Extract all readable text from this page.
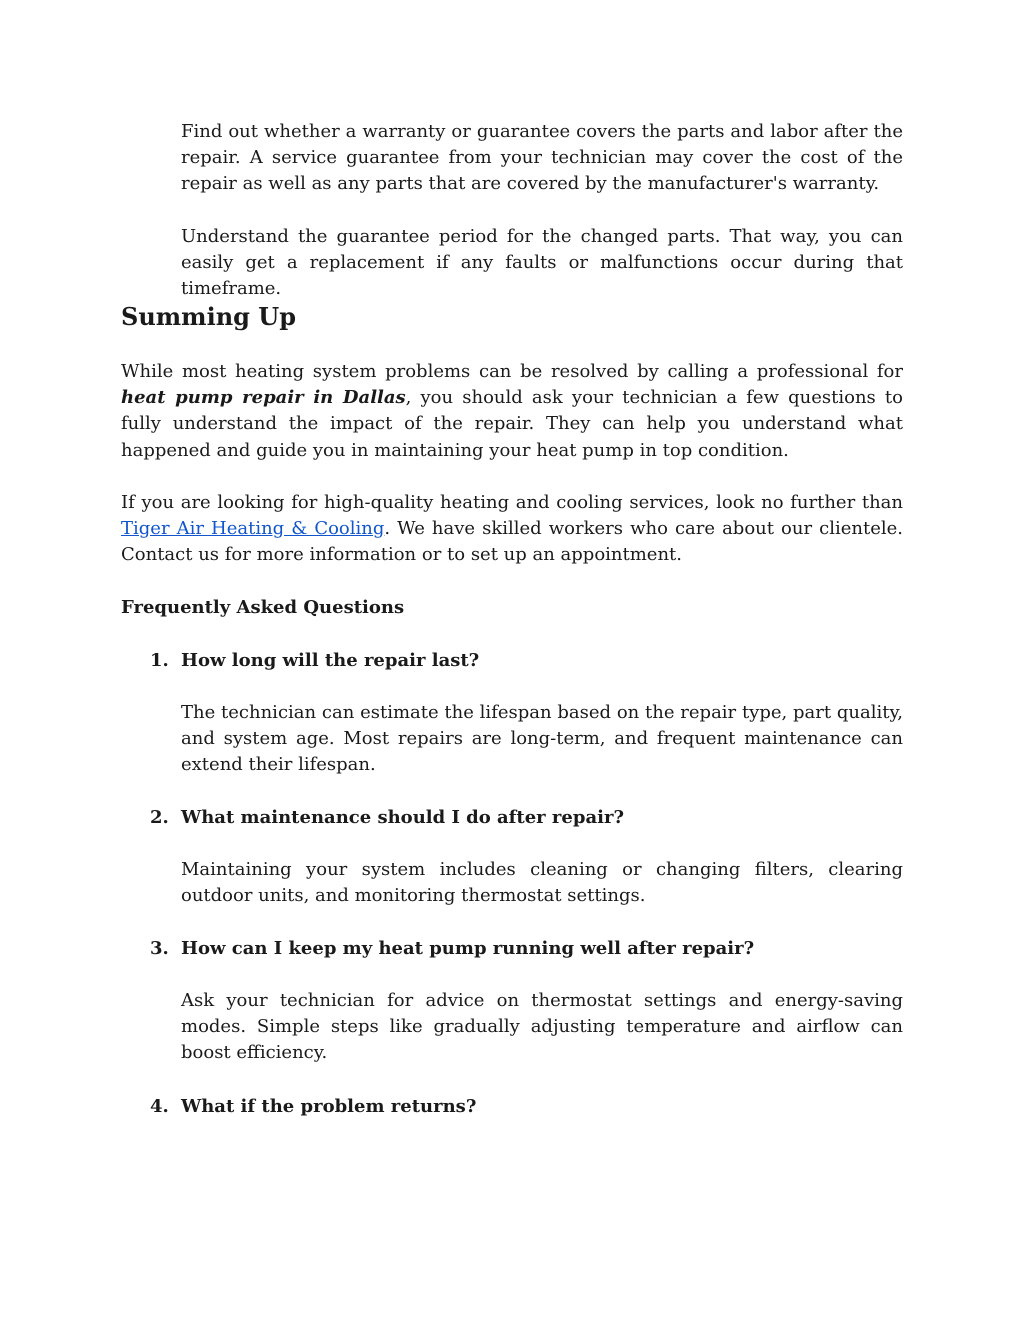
Find out whether a warranty or guarantee covers the parts and labor after the repair. A service guarantee from your technician may cover the cost of the repair as well as any parts that are covered by the manufacturer's warranty.

Understand the guarantee period for the changed parts. That way, you can easily get a replacement if any faults or malfunctions occur during that timeframe.

Summing Up

While most heating system problems can be resolved by calling a professional for heat pump repair in Dallas, you should ask your technician a few questions to fully understand the impact of the repair. They can help you understand what happened and guide you in maintaining your heat pump in top condition.

If you are looking for high-quality heating and cooling services, look no further than Tiger Air Heating & Cooling. We have skilled workers who care about our clientele. Contact us for more information or to set up an appointment.

Frequently Asked Questions
1. How long will the repair last?

The technician can estimate the lifespan based on the repair type, part quality, and system age. Most repairs are long-term, and frequent maintenance can extend their lifespan.

2. What maintenance should I do after repair?

Maintaining your system includes cleaning or changing filters, clearing outdoor units, and monitoring thermostat settings.

3. How can I keep my heat pump running well after repair?

Ask your technician for advice on thermostat settings and energy-saving modes. Simple steps like gradually adjusting temperature and airflow can boost efficiency.

4. What if the problem returns?
